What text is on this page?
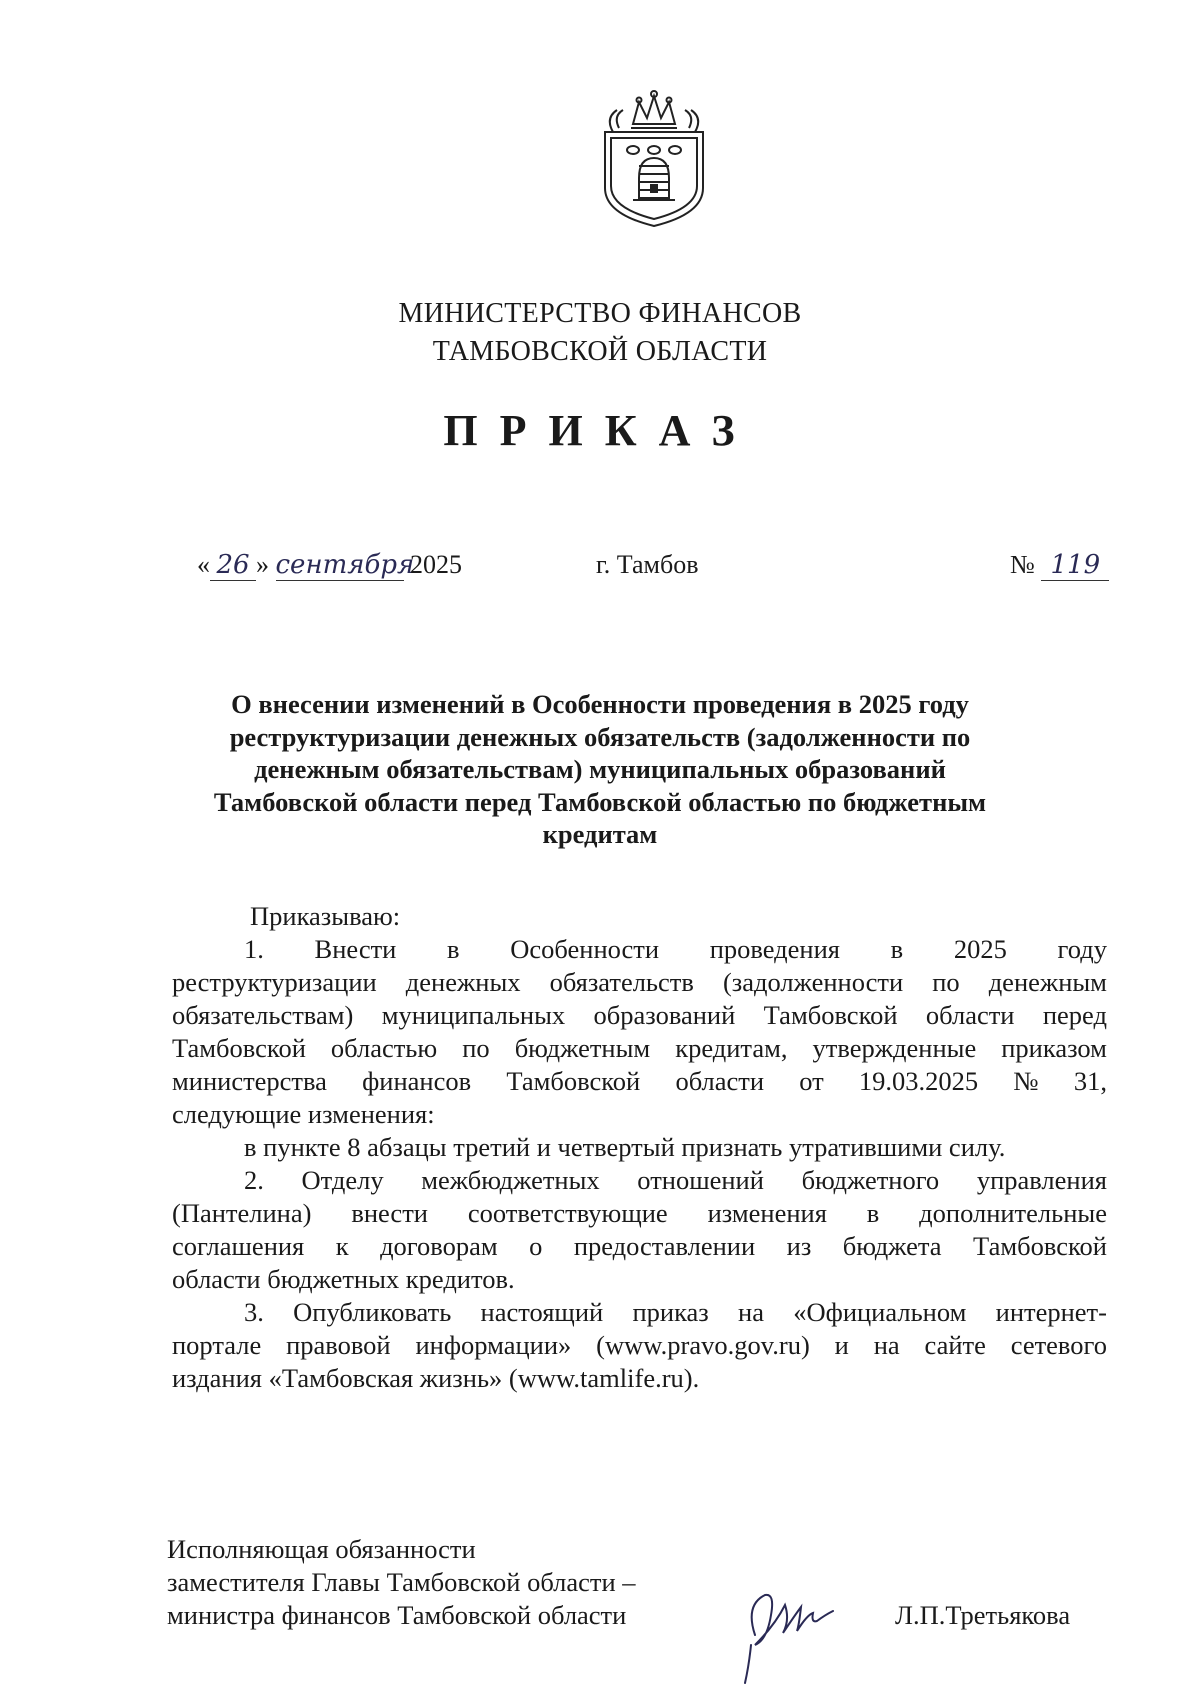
МИНИСТЕРСТВО ФИНАНСОВ
ТАМБОВСКОЙ ОБЛАСТИ
ПРИКАЗ
« 26 » сентября 2025	г. Тамбов	№ 119
О внесении изменений в Особенности проведения в 2025 году
реструктуризации денежных обязательств (задолженности по
денежным обязательствам) муниципальных образований
Тамбовской области перед Тамбовской областью по бюджетным
кредитам
Приказываю:
1. Внести в Особенности проведения в 2025 году
реструктуризации денежных обязательств (задолженности по денежным
обязательствам) муниципальных образований Тамбовской области перед
Тамбовской областью по бюджетным кредитам, утвержденные приказом
министерства финансов Тамбовской области от 19.03.2025 № 31,
следующие изменения:
в пункте 8 абзацы третий и четвертый признать утратившими силу.
2. Отделу межбюджетных отношений бюджетного управления
(Пантелина) внести соответствующие изменения в дополнительные
соглашения к договорам о предоставлении из бюджета Тамбовской
области бюджетных кредитов.
3. Опубликовать настоящий приказ на «Официальном интернет-
портале правовой информации» (www.pravo.gov.ru) и на сайте сетевого
издания «Тамбовская жизнь» (www.tamlife.ru).
Исполняющая обязанности
заместителя Главы Тамбовской области –
министра финансов Тамбовской области	Л.П.Третьякова
